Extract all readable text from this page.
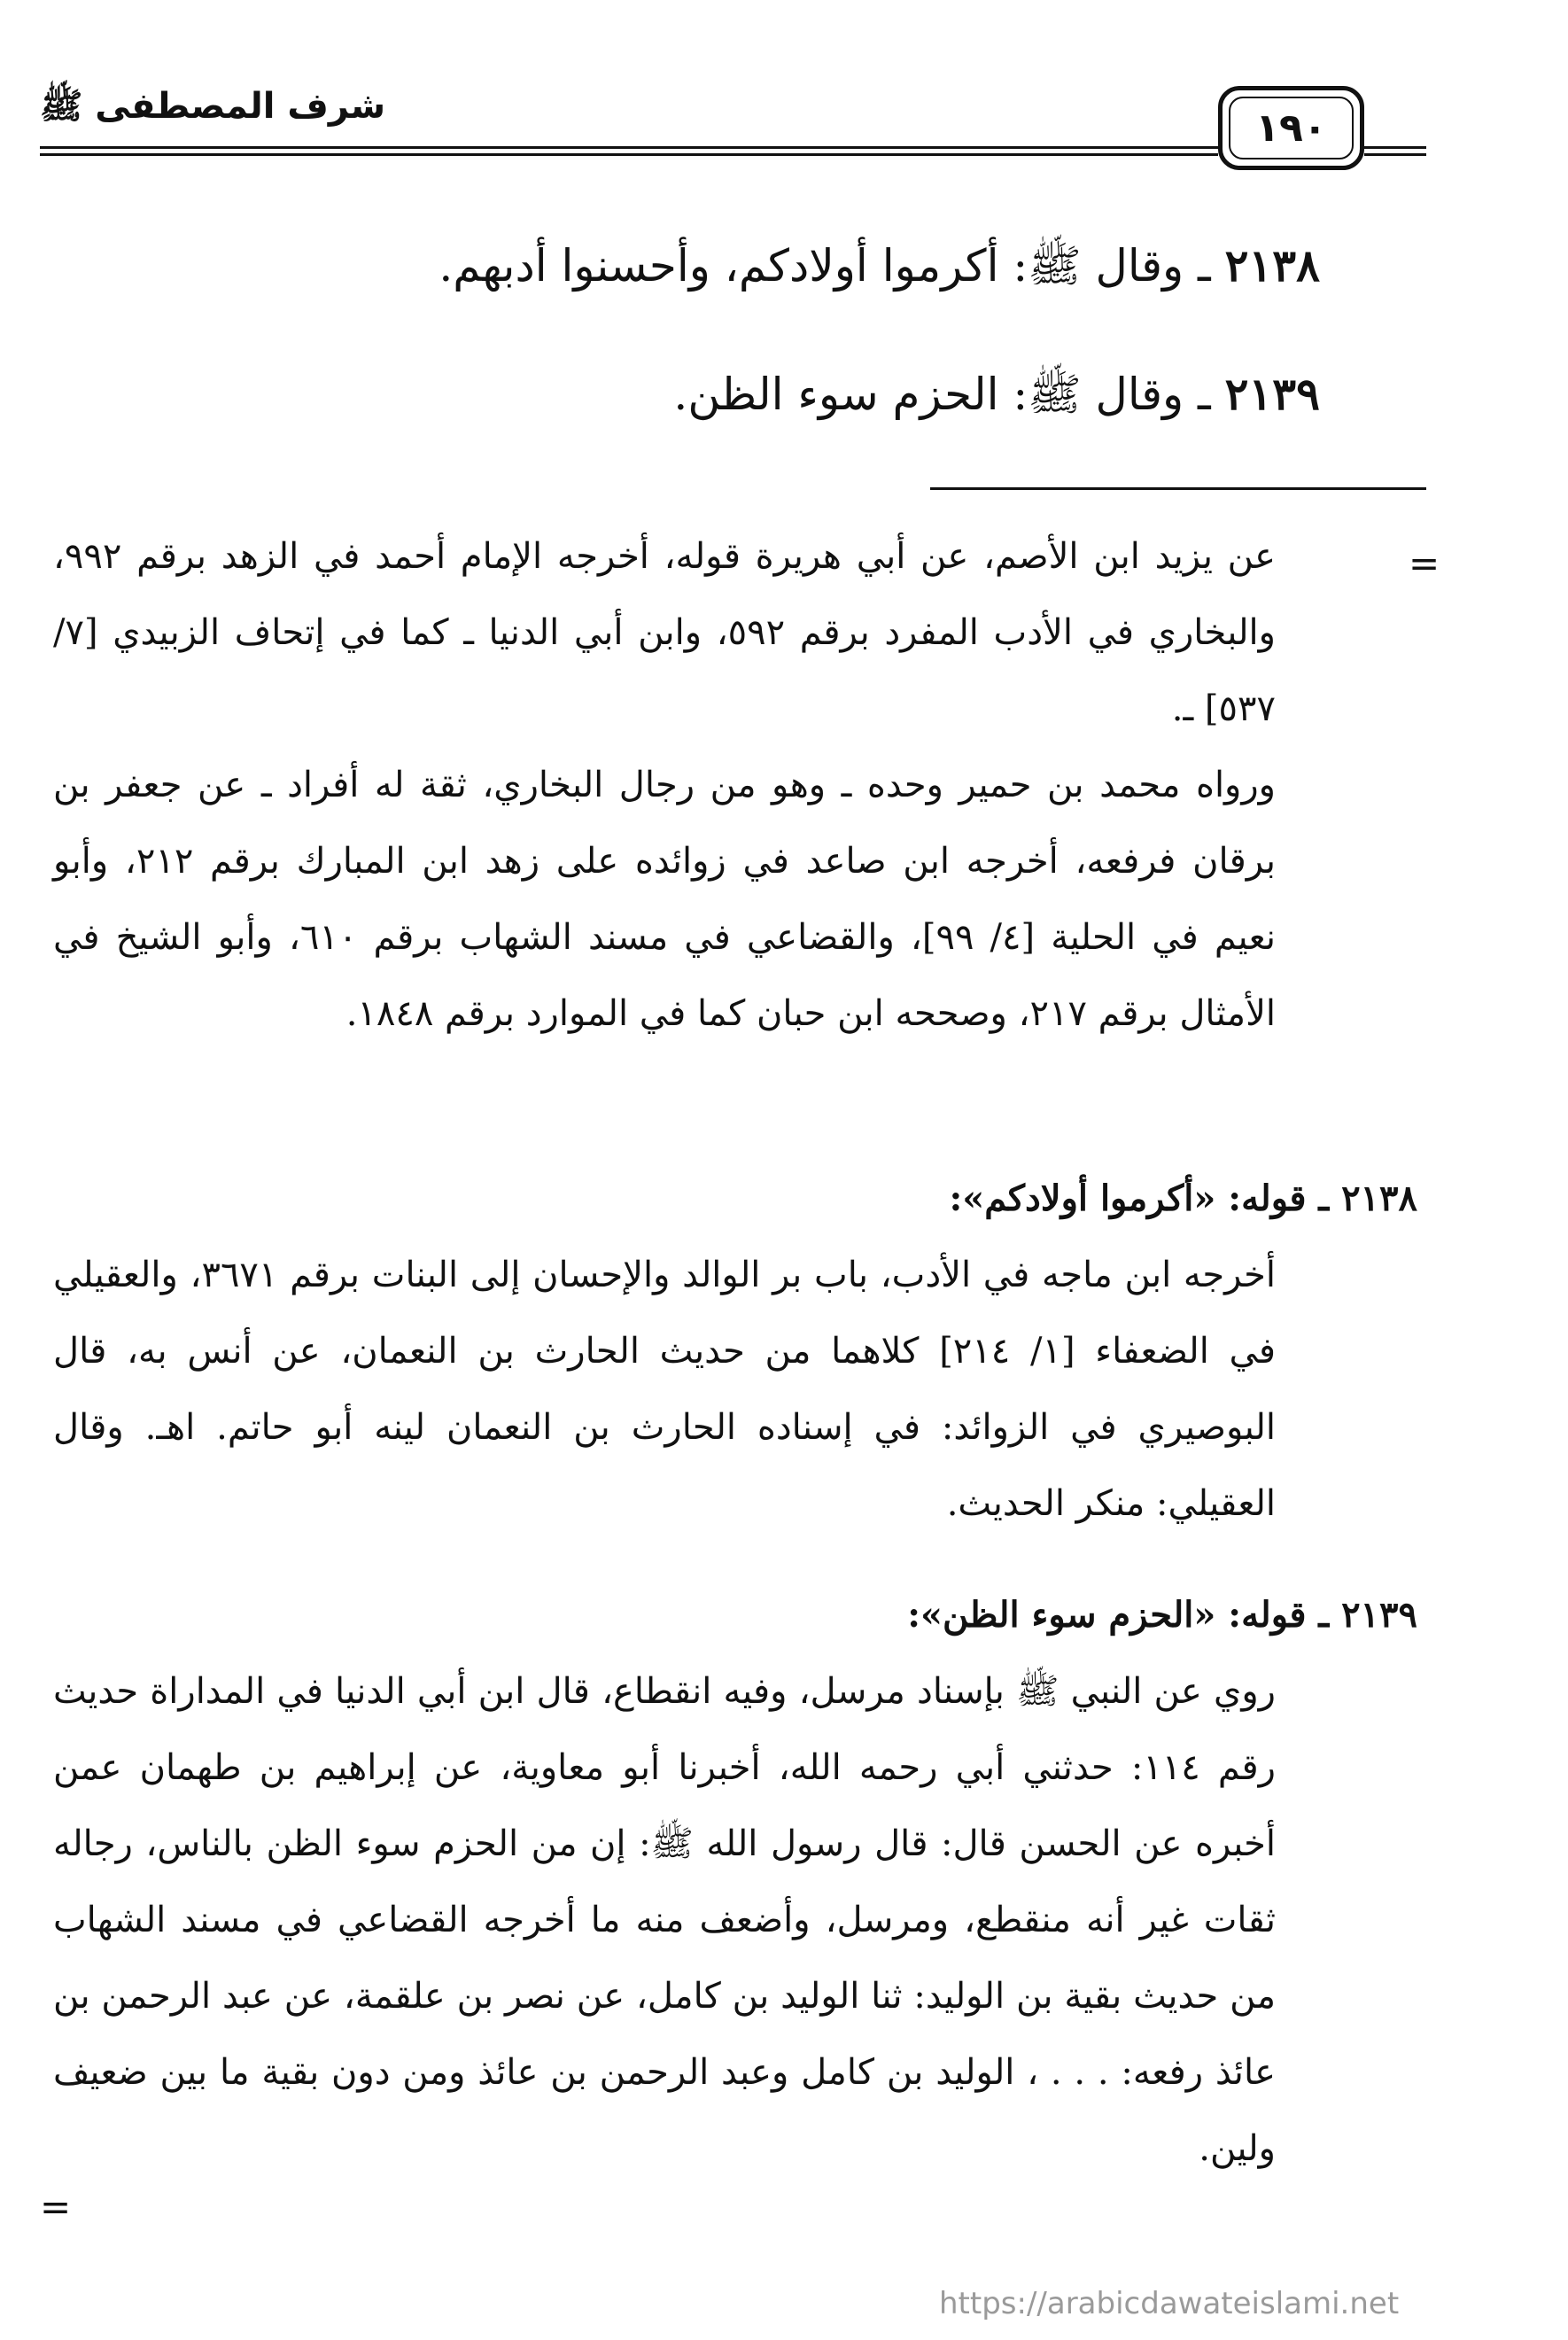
شرف المصطفى ﷺ	١٩٠
٢١٣٨ ـ وقال ﷺ: أكرموا أولادكم، وأحسنوا أدبهم.
٢١٣٩ ـ وقال ﷺ: الحزم سوء الظن.
=
عن يزيد ابن الأصم، عن أبي هريرة قوله، أخرجه الإمام أحمد في الزهد برقم ٩٩٢، والبخاري في الأدب المفرد برقم ٥٩٢، وابن أبي الدنيا ـ كما في إتحاف الزبيدي [٧/ ٥٣٧] ـ.
ورواه محمد بن حمير وحده ـ وهو من رجال البخاري، ثقة له أفراد ـ عن جعفر بن برقان فرفعه، أخرجه ابن صاعد في زوائده على زهد ابن المبارك برقم ٢١٢، وأبو نعيم في الحلية [٤/ ٩٩]، والقضاعي في مسند الشهاب برقم ٦١٠، وأبو الشيخ في الأمثال برقم ٢١٧، وصححه ابن حبان كما في الموارد برقم ١٨٤٨.
٢١٣٨ ـ قوله: «أكرموا أولادكم»:
أخرجه ابن ماجه في الأدب، باب بر الوالد والإحسان إلى البنات برقم ٣٦٧١، والعقيلي في الضعفاء [١/ ٢١٤] كلاهما من حديث الحارث بن النعمان، عن أنس به، قال البوصيري في الزوائد: في إسناده الحارث بن النعمان لينه أبو حاتم. اهـ. وقال العقيلي: منكر الحديث.
٢١٣٩ ـ قوله: «الحزم سوء الظن»:
روي عن النبي ﷺ بإسناد مرسل، وفيه انقطاع، قال ابن أبي الدنيا في المداراة حديث رقم ١١٤: حدثني أبي رحمه الله، أخبرنا أبو معاوية، عن إبراهيم بن طهمان عمن أخبره عن الحسن قال: قال رسول الله ﷺ: إن من الحزم سوء الظن بالناس، رجاله ثقات غير أنه منقطع، ومرسل، وأضعف منه ما أخرجه القضاعي في مسند الشهاب من حديث بقية بن الوليد: ثنا الوليد بن كامل، عن نصر بن علقمة، عن عبد الرحمن بن عائذ رفعه: . . . ، الوليد بن كامل وعبد الرحمن بن عائذ ومن دون بقية ما بين ضعيف ولين.
=
https://arabicdawateislami.net
